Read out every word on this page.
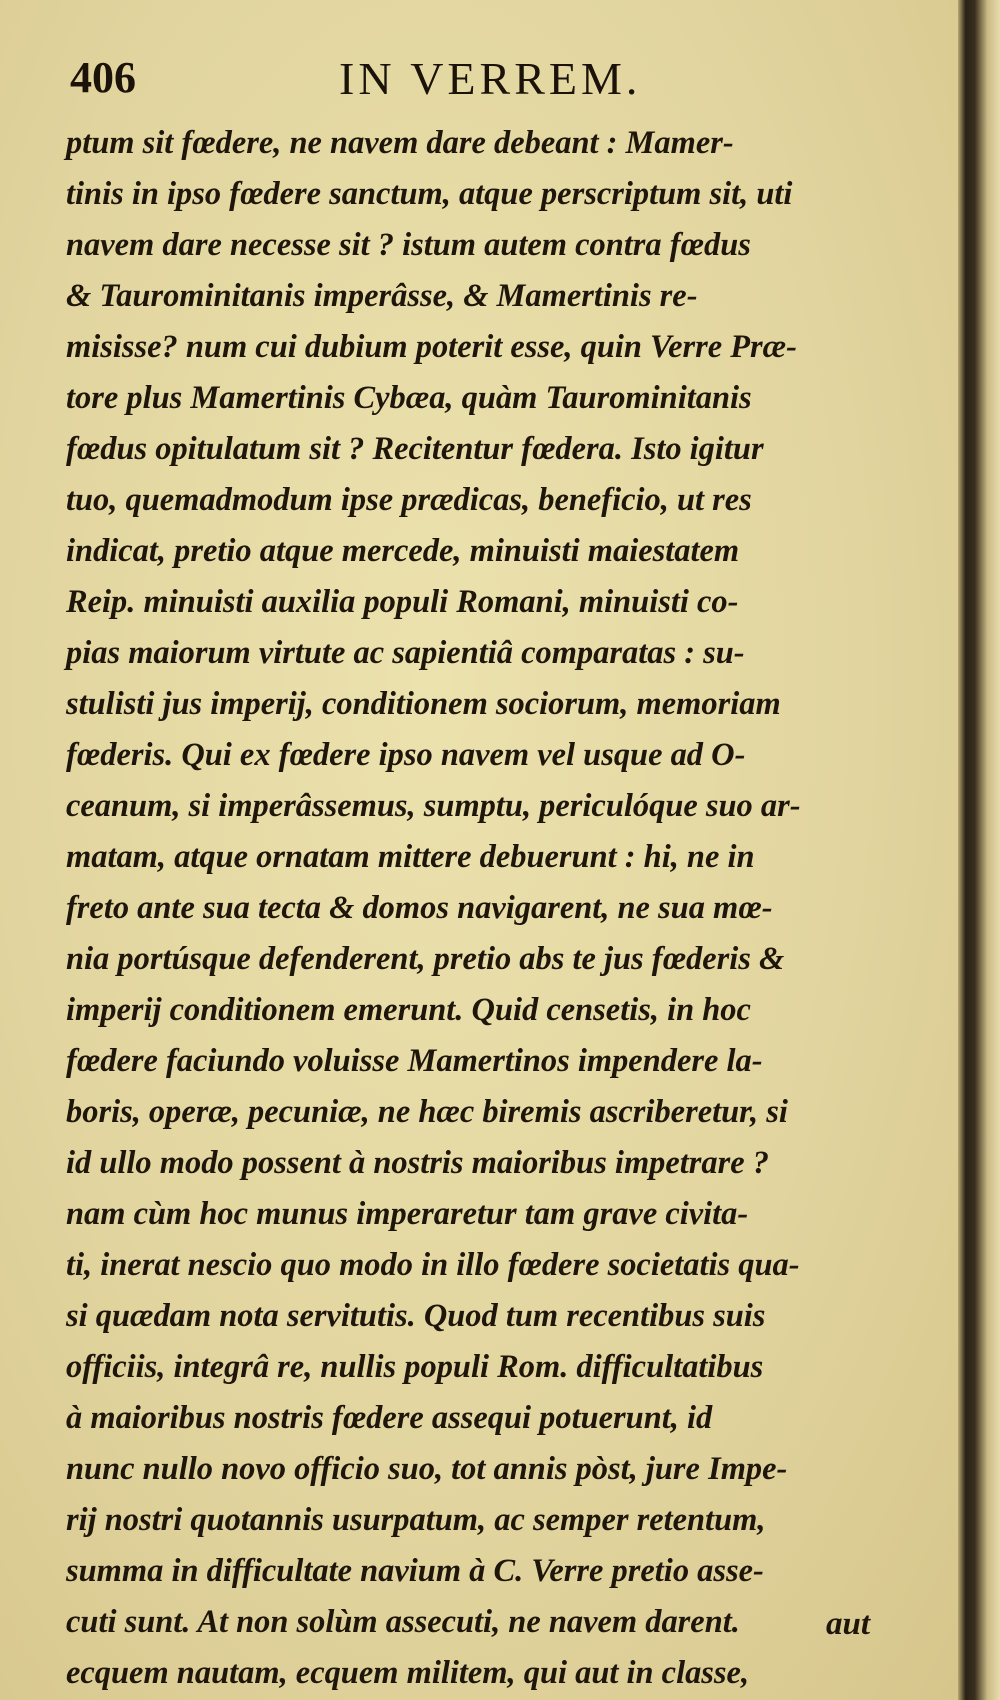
406	IN VERREM.
ptum sit fœdere, ne navem dare debeant : Mamer-
tinis in ipso fœdere sanctum, atque perscriptum sit, uti
navem dare necesse sit ? istum autem contra fœdus
& Taurominitanis imperâsse, & Mamertinis re-
misisse? num cui dubium poterit esse, quin Verre Præ-
tore plus Mamertinis Cybæa, quàm Taurominitanis
fœdus opitulatum sit ? Recitentur fœdera. Isto igitur
tuo, quemadmodum ipse prædicas, beneficio, ut res
indicat, pretio atque mercede, minuisti maiestatem
Reip. minuisti auxilia populi Romani, minuisti co-
pias maiorum virtute ac sapientiâ comparatas : su-
stulisti jus imperij, conditionem sociorum, memoriam
fœderis. Qui ex fœdere ipso navem vel usque ad O-
ceanum, si imperâssemus, sumptu, periculóque suo ar-
matam, atque ornatam mittere debuerunt : hi, ne in
freto ante sua tecta & domos navigarent, ne sua mœ-
nia portúsque defenderent, pretio abs te jus fœderis &
imperij conditionem emerunt. Quid censetis, in hoc
fœdere faciundo voluisse Mamertinos impendere la-
boris, operæ, pecuniæ, ne hæc biremis ascriberetur, si
id ullo modo possent à nostris maioribus impetrare ?
nam cùm hoc munus imperaretur tam grave civita-
ti, inerat nescio quo modo in illo fœdere societatis qua-
si quædam nota servitutis. Quod tum recentibus suis
officiis, integrâ re, nullis populi Rom. difficultatibus
à maioribus nostris fœdere assequi potuerunt, id
nunc nullo novo officio suo, tot annis pòst, jure Impe-
rij nostri quotannis usurpatum, ac semper retentum,
summa in difficultate navium à C. Verre pretio asse-
cuti sunt. At non solùm assecuti, ne navem darent.
ecquem nautam, ecquem militem, qui aut in classe,
aut
